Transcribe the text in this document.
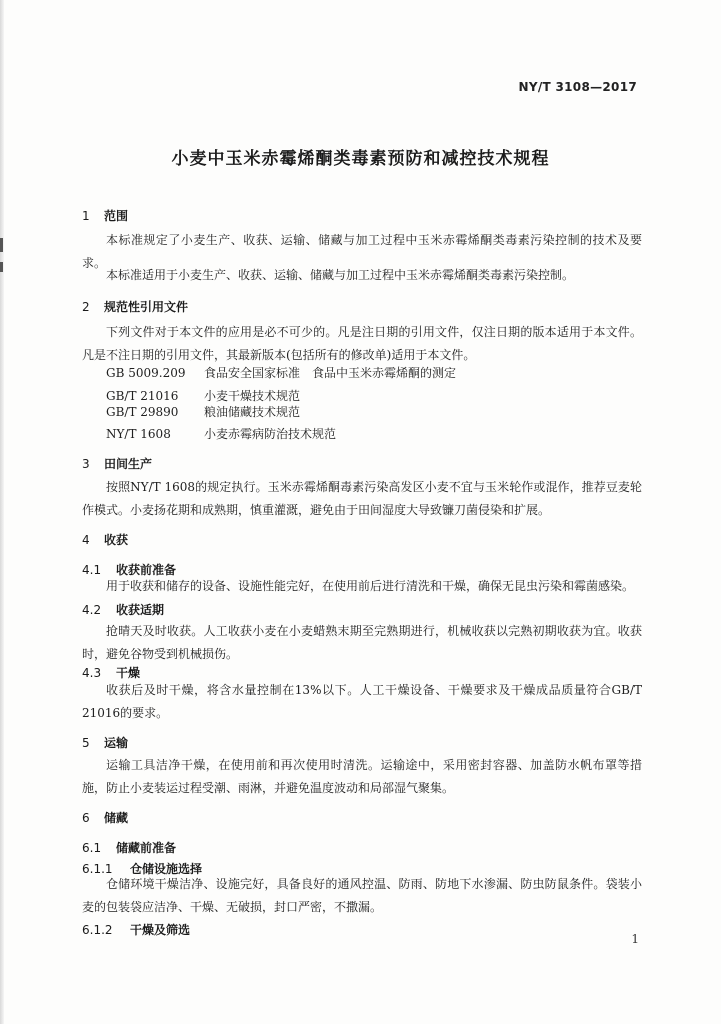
NY/T 3108—2017
小麦中玉米赤霉烯酮类毒素预防和减控技术规程
1 范围
本标准规定了小麦生产、收获、运输、储藏与加工过程中玉米赤霉烯酮类毒素污染控制的技术及要求。
本标准适用于小麦生产、收获、运输、储藏与加工过程中玉米赤霉烯酮类毒素污染控制。
2 规范性引用文件
下列文件对于本文件的应用是必不可少的。凡是注日期的引用文件，仅注日期的版本适用于本文件。凡是不注日期的引用文件，其最新版本(包括所有的修改单)适用于本文件。
GB 5009.209 食品安全国家标准　食品中玉米赤霉烯酮的测定
GB/T 21016 小麦干燥技术规范
GB/T 29890 粮油储藏技术规范
NY/T 1608	小麦赤霉病防治技术规范
3 田间生产
按照NY/T 1608的规定执行。玉米赤霉烯酮毒素污染高发区小麦不宜与玉米轮作或混作，推荐豆麦轮作模式。小麦扬花期和成熟期，慎重灌溉，避免由于田间湿度大导致镰刀菌侵染和扩展。
4 收获
4.1 收获前准备
用于收获和储存的设备、设施性能完好，在使用前后进行清洗和干燥，确保无昆虫污染和霉菌感染。
4.2 收获适期
抢晴天及时收获。人工收获小麦在小麦蜡熟末期至完熟期进行，机械收获以完熟初期收获为宜。收获时，避免谷物受到机械损伤。
4.3 干燥
收获后及时干燥，将含水量控制在13%以下。人工干燥设备、干燥要求及干燥成品质量符合GB/T 21016的要求。
5 运输
运输工具洁净干燥，在使用前和再次使用时清洗。运输途中，采用密封容器、加盖防水帆布罩等措施，防止小麦装运过程受潮、雨淋，并避免温度波动和局部湿气聚集。
6 储藏
6.1 储藏前准备
6.1.1 仓储设施选择
仓储环境干燥洁净、设施完好，具备良好的通风控温、防雨、防地下水渗漏、防虫防鼠条件。袋装小麦的包装袋应洁净、干燥、无破损，封口严密，不撒漏。
6.1.2 干燥及筛选
1
